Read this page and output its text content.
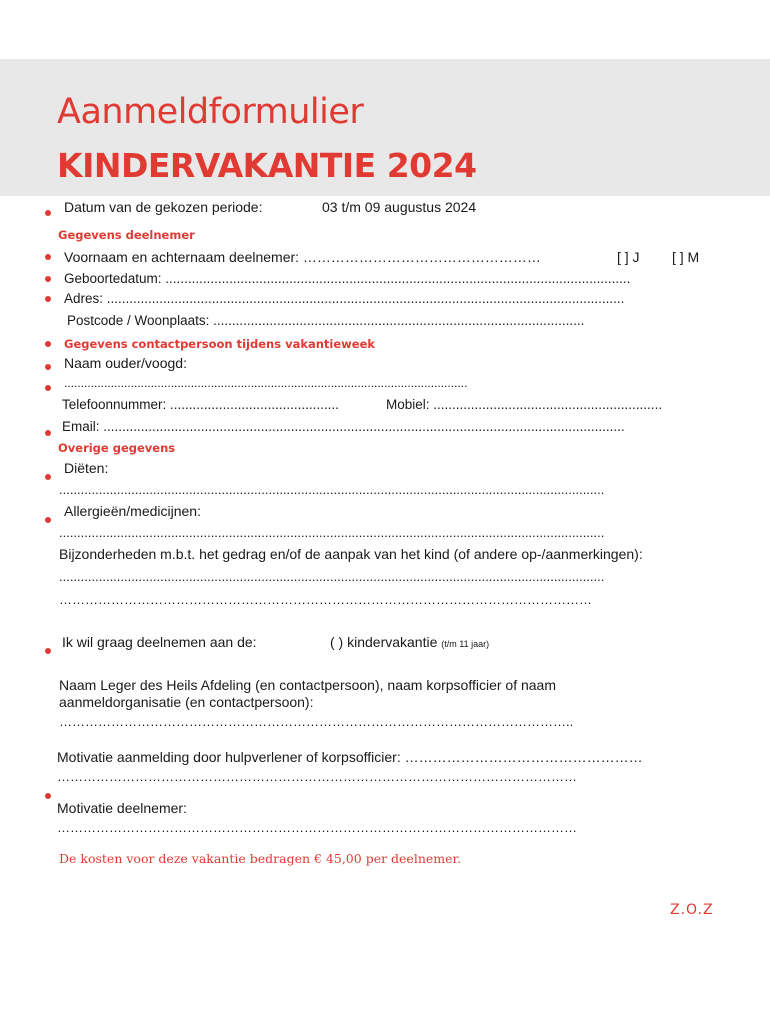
Aanmeldformulier
KINDERVAKANTIE 2024
Datum van de gekozen periode:	03 t/m 09 augustus 2024
Gegevens deelnemer
Voornaam en achternaam deelnemer: ……………………………………………	[ ] J [ ] M
Geboortedatum: ............................................................................................................................
Adres: ..........................................................................................................................................
Postcode / Woonplaats: ...................................................................................................
Gegevens contactpersoon tijdens vakantieweek
Naam ouder/voogd:
.........................................................................................................................
Telefoonnummer: .............................................	Mobiel: .............................................................
Email: ...........................................................................................................................................
Overige gegevens
Diëten:
.......................................................................................................................................................
Allergieën/medicijnen:
.......................................................................................................................................................
Bijzonderheden m.b.t. het gedrag en/of de aanpak van het kind (of andere op-/aanmerkingen):
.......................................................................................................................................................
……………………………………………………………………………………………………………
Ik wil graag deelnemen aan de:	( ) kindervakantie (t/m 11 jaar)
Naam Leger des Heils Afdeling (en contactpersoon), naam korpsofficier of naam
aanmeldorganisatie (en contactpersoon):
………………………………………………………………………………………………………..
Motivatie aanmelding door hulpverlener of korpsofficier: ……………………………………………
…………………………………………………………………………………………………………
Motivatie deelnemer:
…………………………………………………………………………………………………………
De kosten voor deze vakantie bedragen € 45,00 per deelnemer.
Z.O.Z
